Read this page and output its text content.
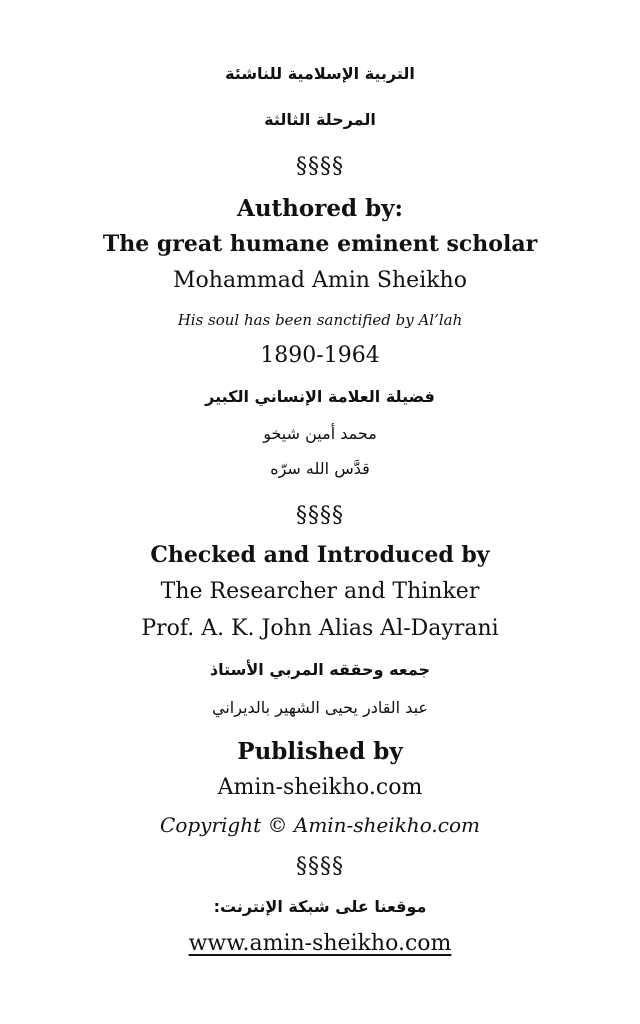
التربية الإسلامية للناشئة
المرحلة الثالثة
§§§§
Authored by:
The great humane eminent scholar
Mohammad Amin Sheikho
His soul has been sanctified by Al’lah
1890-1964
فضيلة العلامة الإنساني الكبير
محمد أمين شيخو
قدَّس الله سرّه
§§§§
Checked and Introduced by
The Researcher and Thinker
Prof. A. K. John Alias Al-Dayrani
جمعه وحققه المربي الأستاذ
عبد القادر يحيى الشهير بالديراني
Published by
Amin-sheikho.com
Copyright © Amin-sheikho.com
§§§§
موقعنا على شبكة الإنترنت:
www.amin-sheikho.com
